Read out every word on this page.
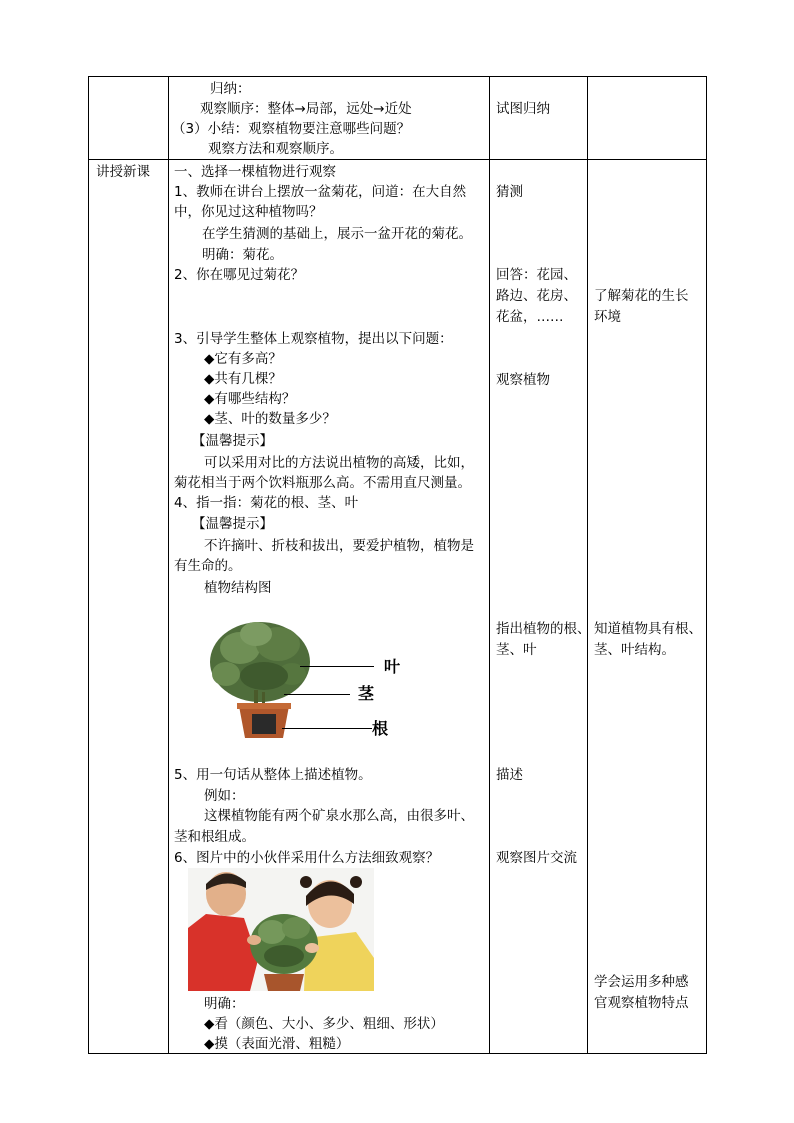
归纳：
观察顺序：整体→局部，远处→近处
（3）小结：观察植物要注意哪些问题？
观察方法和观察顺序。
试图归纳
讲授新课 一、选择一棵植物进行观察
1、教师在讲台上摆放一盆菊花，问道：在大自然
中，你见过这种植物吗？
在学生猜测的基础上，展示一盆开花的菊花。
明确：菊花。
2、你在哪见过菊花？
3、引导学生整体上观察植物，提出以下问题：
◆它有多高？
◆共有几棵？
◆有哪些结构？
◆茎、叶的数量多少？
【温馨提示】
可以采用对比的方法说出植物的高矮，比如，
菊花相当于两个饮料瓶那么高。不需用直尺测量。
4、指一指：菊花的根、茎、叶
【温馨提示】
不许摘叶、折枝和拔出，要爱护植物，植物是
有生命的。
植物结构图
叶
茎
根
5、用一句话从整体上描述植物。
例如：
这棵植物能有两个矿泉水那么高，由很多叶、
茎和根组成。
6、图片中的小伙伴采用什么方法细致观察？
明确：
◆看（颜色、大小、多少、粗细、形状）
◆摸（表面光滑、粗糙）
猜测
回答：花园、
路边、花房、
花盆，……
观察植物
指出植物的根、
茎、叶
描述
观察图片交流
了解菊花的生长
环境
知道植物具有根、
茎、叶结构。
学会运用多种感
官观察植物特点
